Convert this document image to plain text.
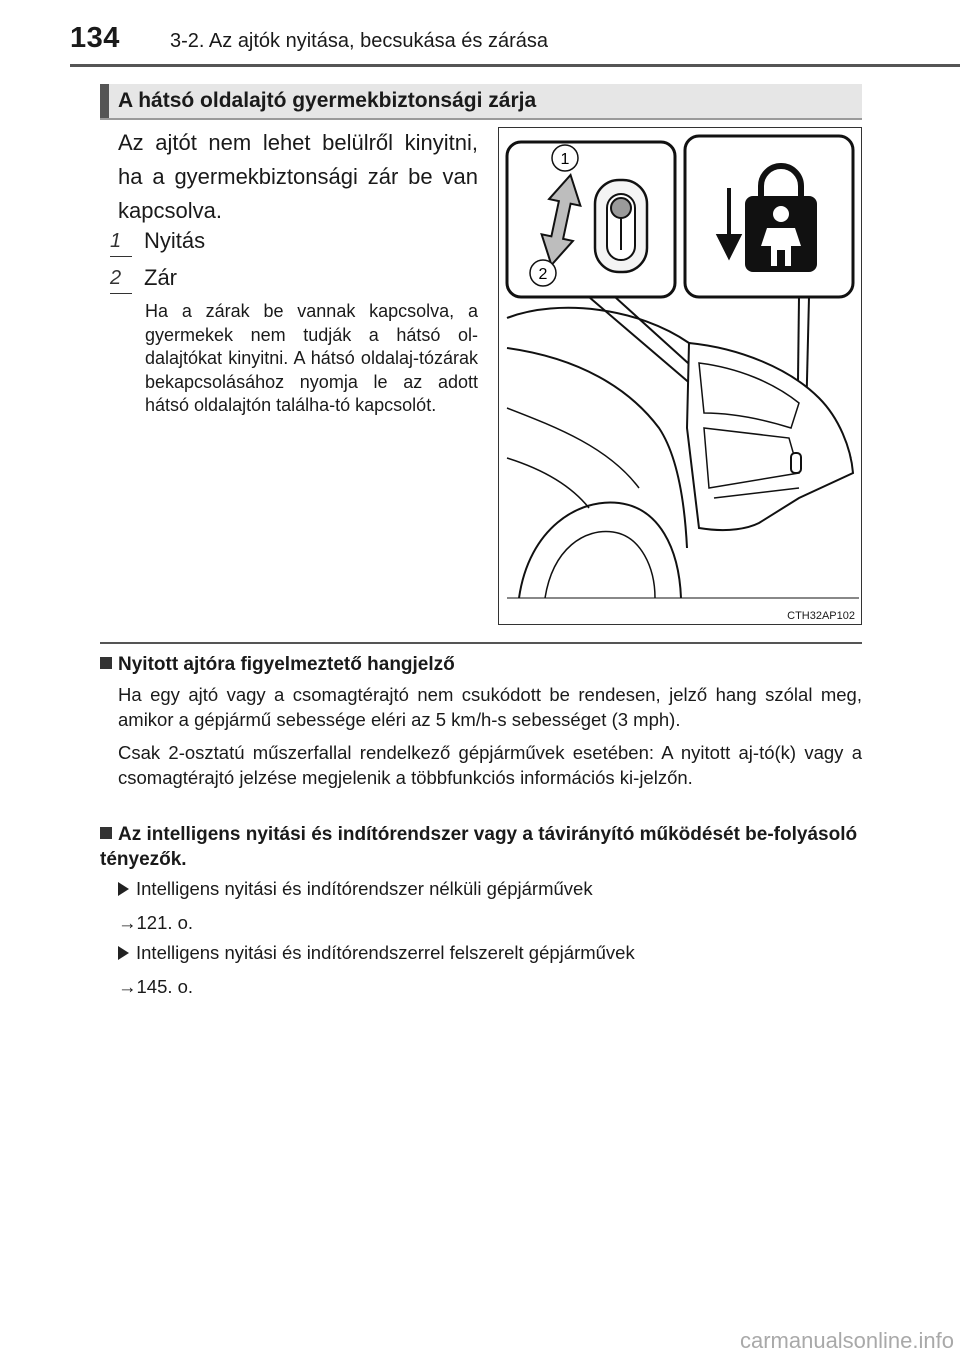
134	3-2. Az ajtók nyitása, becsukása és zárása
A hátsó oldalajtó gyermekbiztonsági zárja
Az ajtót nem lehet belülről kinyitni, ha a gyermekbiztonsági zár be van kapcsolva.
1	Nyitás
2	Zár
Ha a zárak be vannak kapcsolva, a gyermekek nem tudják a hátsó ol-dalajtókat kinyitni. A hátsó oldalaj-tózárak bekapcsolásához nyomja le az adott hátsó oldalajtón találha-tó kapcsolót.
1
2
CTH32AP102
Nyitott ajtóra figyelmeztető hangjelző
Ha egy ajtó vagy a csomagtérajtó nem csukódott be rendesen, jelző hang szólal meg, amikor a gépjármű sebessége eléri az 5 km/h-s sebességet (3 mph).
Csak 2-osztatú műszerfallal rendelkező gépjárművek esetében: A nyitott aj-tó(k) vagy a csomagtérajtó jelzése megjelenik a többfunkciós információs ki-jelzőn.
Az intelligens nyitási és indítórendszer vagy a távirányító működését be-folyásoló tényezők.
Intelligens nyitási és indítórendszer nélküli gépjárművek
→121. o.
Intelligens nyitási és indítórendszerrel felszerelt gépjárművek
→145. o.
carmanualsonline.info
